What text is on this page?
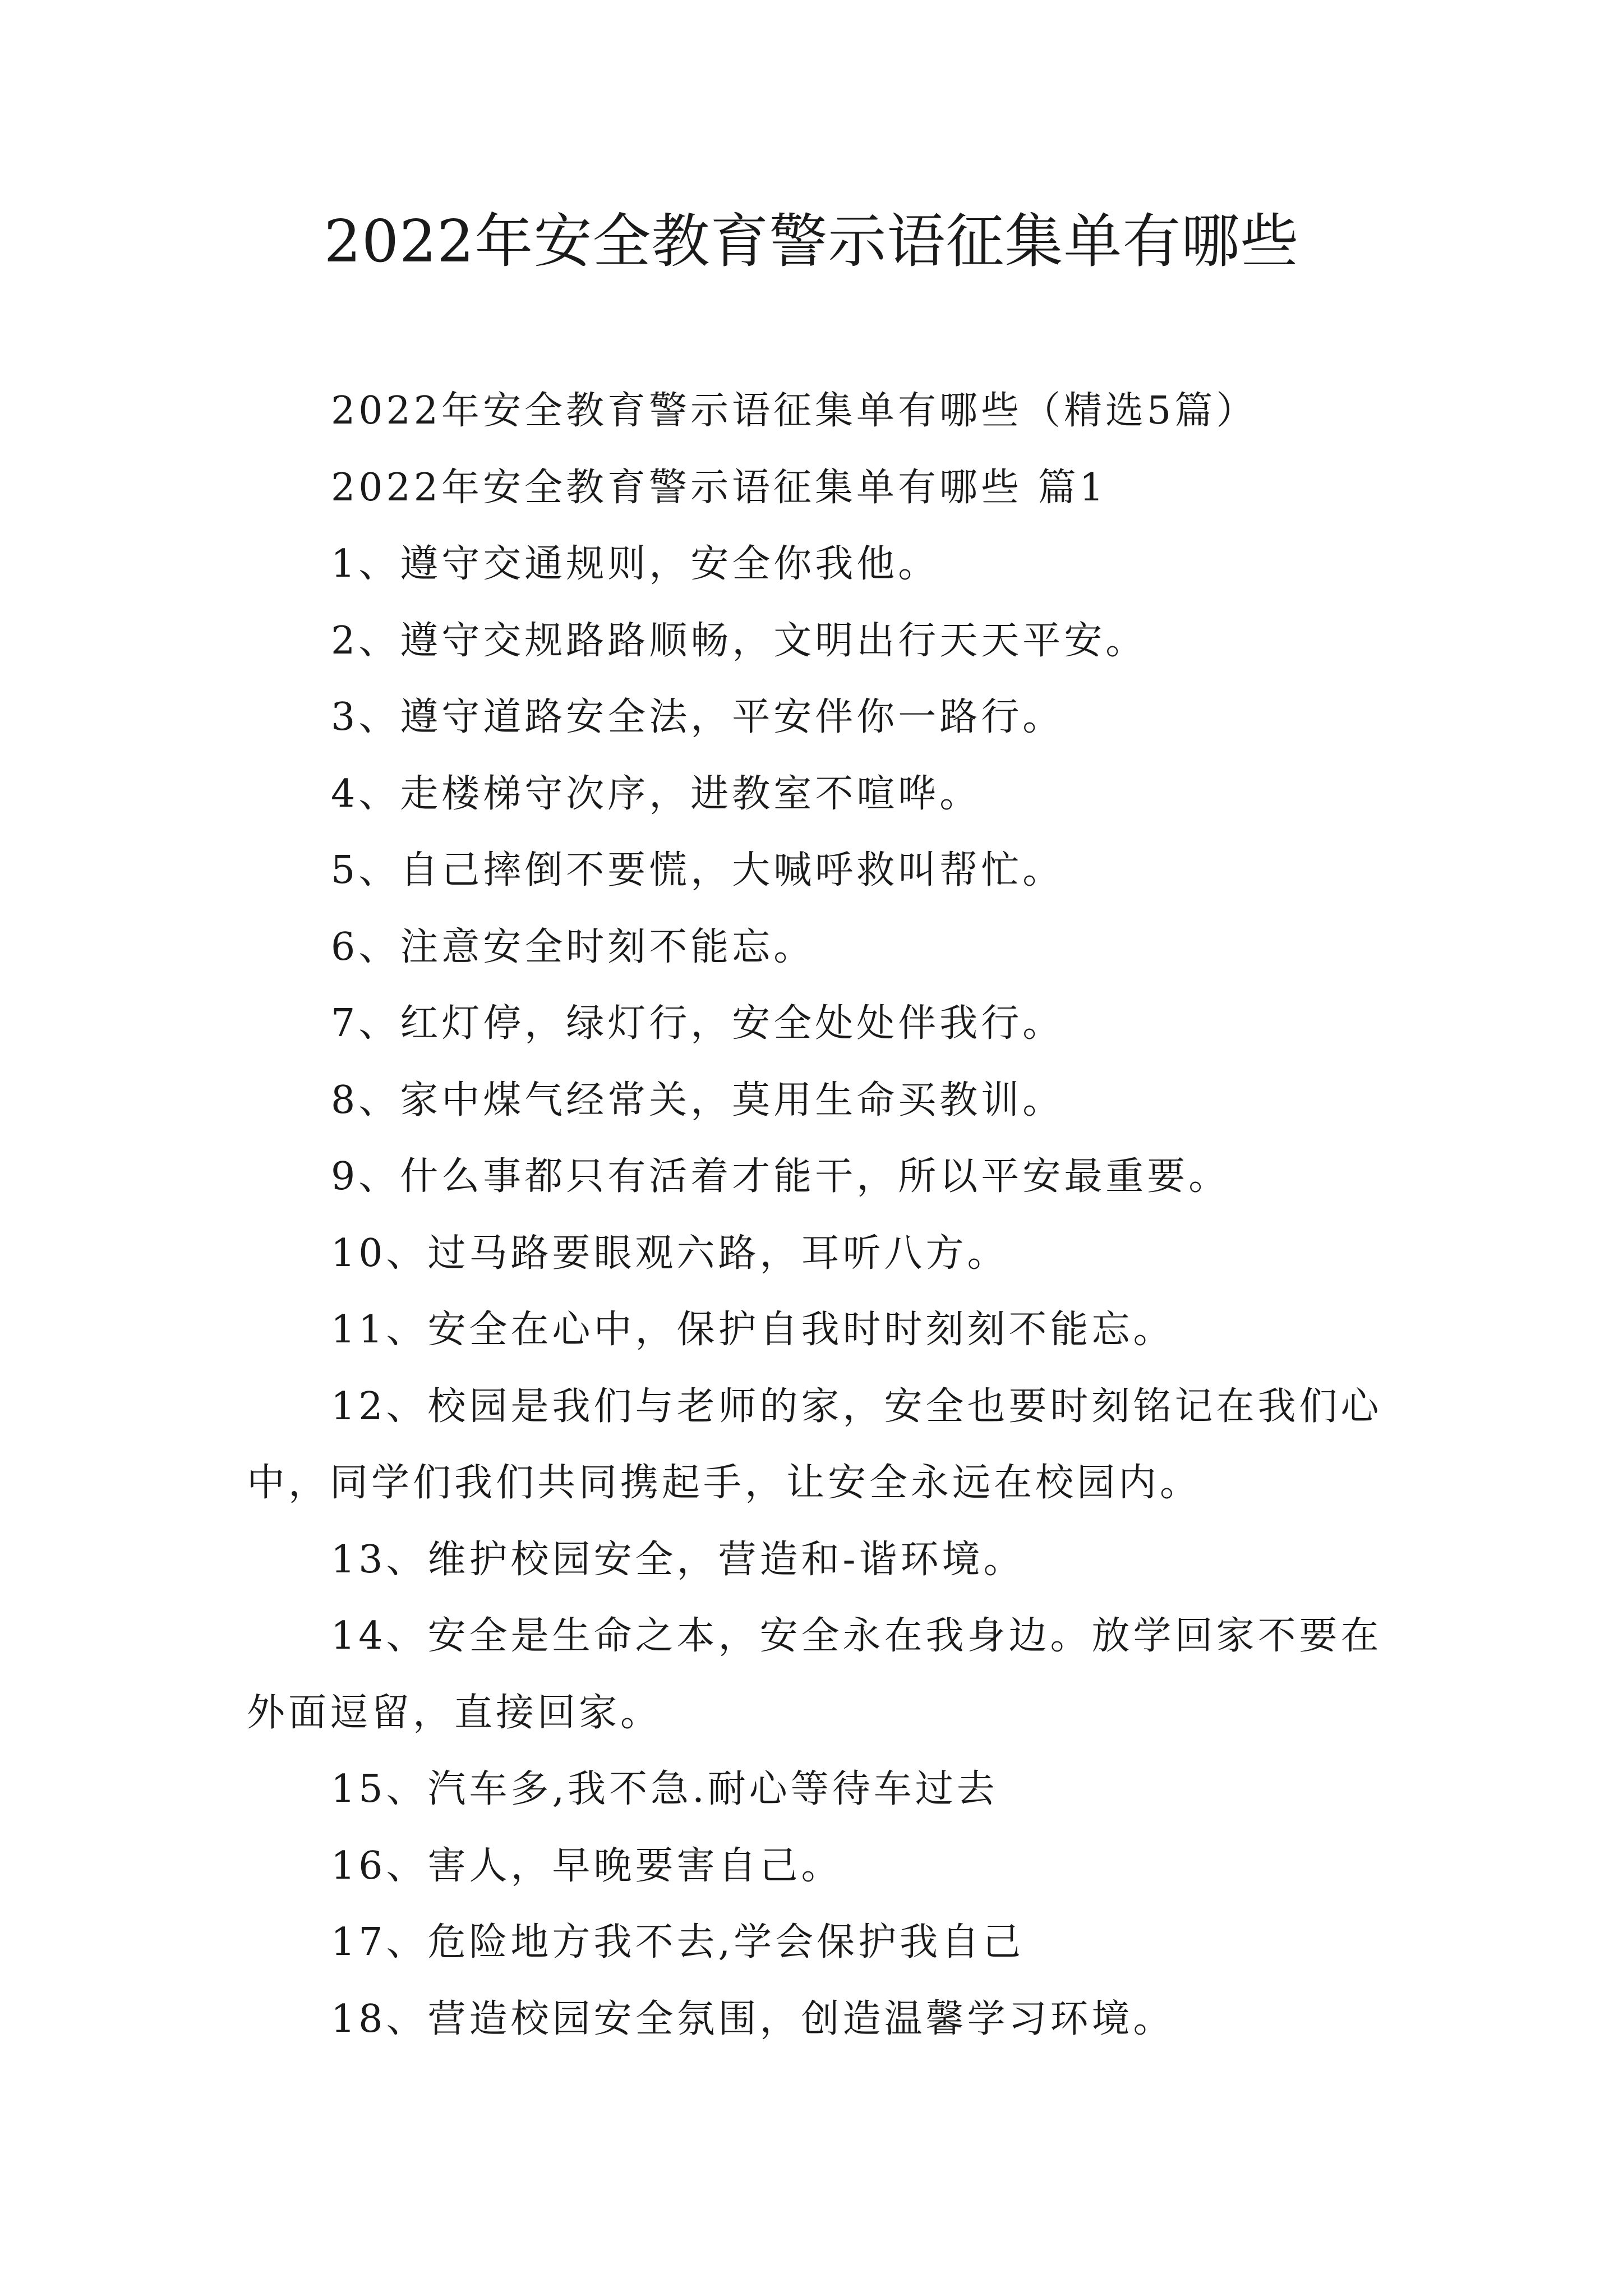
2022年安全教育警示语征集单有哪些

2022年安全教育警示语征集单有哪些（精选5篇）

2022年安全教育警示语征集单有哪些 篇1

1、遵守交通规则，安全你我他。

2、遵守交规路路顺畅，文明出行天天平安。

3、遵守道路安全法，平安伴你一路行。

4、走楼梯守次序，进教室不喧哗。

5、自己摔倒不要慌，大喊呼救叫帮忙。

6、注意安全时刻不能忘。

7、红灯停，绿灯行，安全处处伴我行。

8、家中煤气经常关，莫用生命买教训。

9、什么事都只有活着才能干，所以平安最重要。

10、过马路要眼观六路，耳听八方。

11、安全在心中，保护自我时时刻刻不能忘。

12、校园是我们与老师的家，安全也要时刻铭记在我们心中，同学们我们共同携起手，让安全永远在校园内。

13、维护校园安全，营造和-谐环境。

14、安全是生命之本，安全永在我身边。放学回家不要在外面逗留，直接回家。

15、汽车多,我不急.耐心等待车过去

16、害人，早晚要害自己。

17、危险地方我不去,学会保护我自己

18、营造校园安全氛围，创造温馨学习环境。
